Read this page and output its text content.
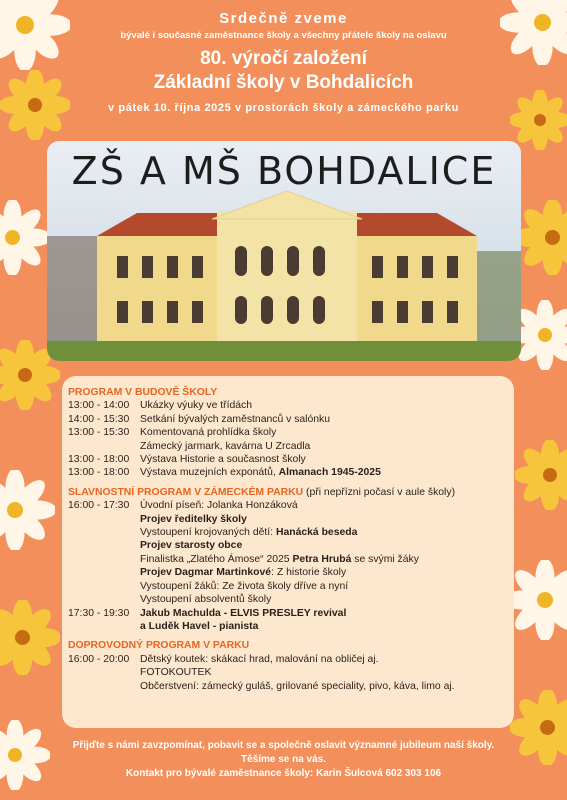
Srdečně zveme
bývalé i současné zaměstnance školy a všechny přátele školy na oslavu
80. výročí založení
Základní školy v Bohdalicích
v pátek 10. října 2025 v prostorách školy a zámeckého parku
ZŠ A MŠ BOHDALICE
PROGRAM V BUDOVĚ ŠKOLY
13:00 - 14:00	Ukázky výuky ve třídách
14:00 - 15:30	Setkání bývalých zaměstnanců v salónku
13:00 - 15:30	Komentovaná prohlídka školy
Zámecký jarmark, kavárna U Zrcadla
13:00 - 18:00	Výstava Historie a současnost školy
13:00 - 18:00	Výstava muzejních exponátů, Almanach 1945-2025
SLAVNOSTNÍ PROGRAM V ZÁMECKÉM PARKU (při nepřízni počasí v aule školy)
16:00 - 17:30	Úvodní píseň: Jolanka Honzáková
Projev ředitelky školy
Vystoupení krojovaných dětí: Hanácká beseda
Projev starosty obce
Finalistka „Zlatého Ámose“ 2025 Petra Hrubá se svými žáky
Projev Dagmar Martinkové: Z historie školy
Vystoupení žáků: Ze života školy dříve a nyní
Vystoupení absolventů školy
17:30 - 19:30	Jakub Machulda - ELVIS PRESLEY revival
a Luděk Havel - pianista
DOPROVODNÝ PROGRAM V PARKU
16:00 - 20:00	Dětský koutek: skákací hrad, malování na obličej aj.
FOTOKOUTEK
Občerstvení: zámecký guláš, grilované speciality, pivo, káva, limo aj.
Přijďte s námi zavzpomínat, pobavit se a společně oslavit významné jubileum naší školy.
Těšíme se na vás.
Kontakt pro bývalé zaměstnance školy: Karin Šulcová 602 303 106
